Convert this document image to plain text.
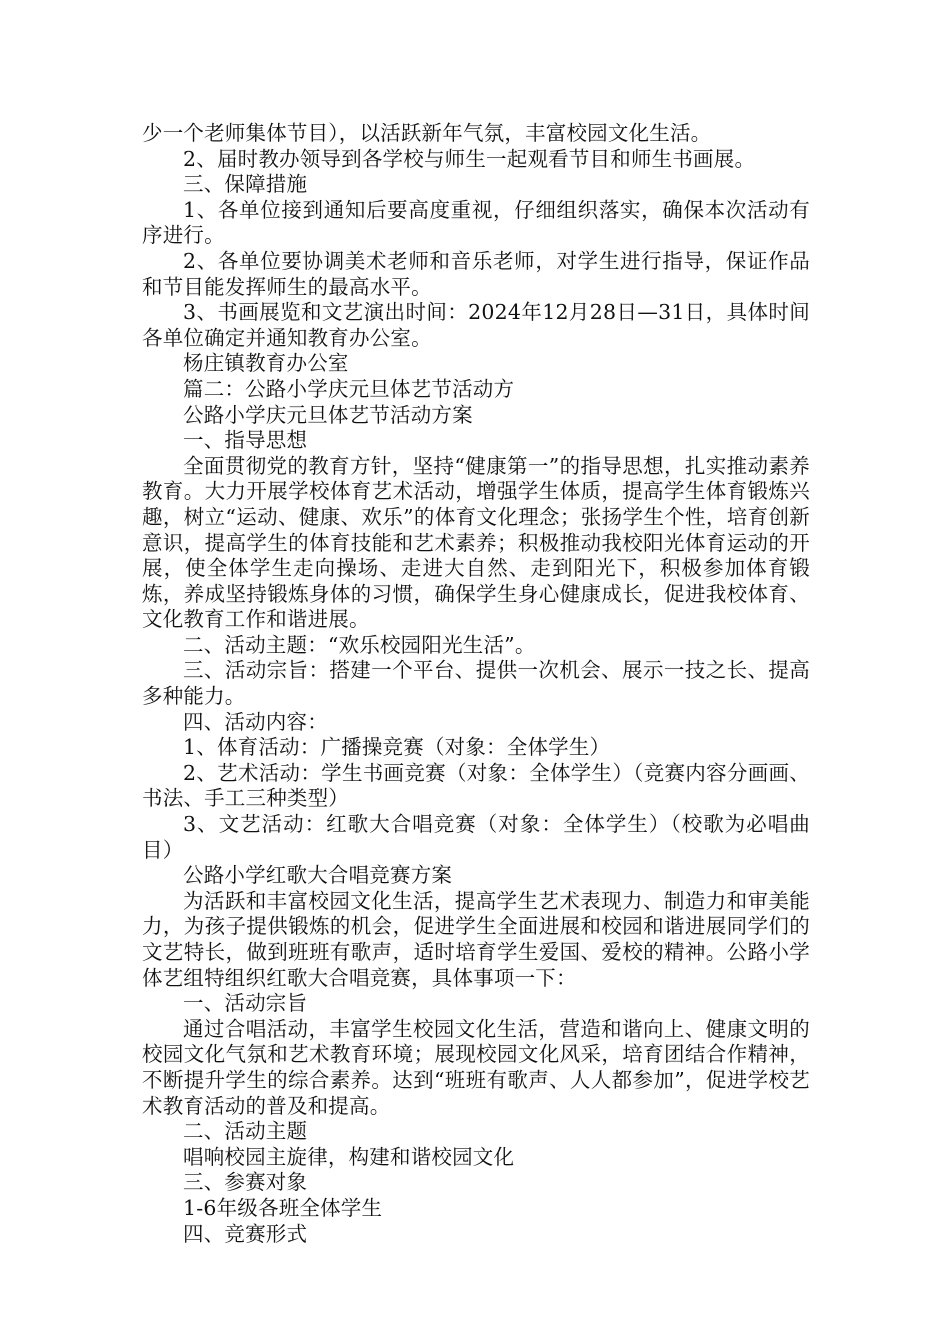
少一个老师集体节目），以活跃新年气氛，丰富校园文化生活。

2、届时教办领导到各学校与师生一起观看节目和师生书画展。

三、保障措施

1、各单位接到通知后要高度重视，仔细组织落实，确保本次活动有序进行。

2、各单位要协调美术老师和音乐老师，对学生进行指导，保证作品和节目能发挥师生的最高水平。

3、书画展览和文艺演出时间：2024年12月28日—31日，具体时间各单位确定并通知教育办公室。

杨庄镇教育办公室

篇二：公路小学庆元旦体艺节活动方

公路小学庆元旦体艺节活动方案

一、指导思想

全面贯彻党的教育方针，坚持“健康第一”的指导思想，扎实推动素养教育。大力开展学校体育艺术活动，增强学生体质，提高学生体育锻炼兴趣，树立“运动、健康、欢乐”的体育文化理念；张扬学生个性，培育创新意识，提高学生的体育技能和艺术素养；积极推动我校阳光体育运动的开展，使全体学生走向操场、走进大自然、走到阳光下，积极参加体育锻炼，养成坚持锻炼身体的习惯，确保学生身心健康成长，促进我校体育、文化教育工作和谐进展。

二、活动主题：“欢乐校园阳光生活”。

三、活动宗旨：搭建一个平台、提供一次机会、展示一技之长、提高多种能力。

四、活动内容：

1、体育活动：广播操竞赛（对象：全体学生）

2、艺术活动：学生书画竞赛（对象：全体学生）（竞赛内容分画画、书法、手工三种类型）

3、文艺活动：红歌大合唱竞赛（对象：全体学生）（校歌为必唱曲目）

公路小学红歌大合唱竞赛方案

为活跃和丰富校园文化生活，提高学生艺术表现力、制造力和审美能力，为孩子提供锻炼的机会，促进学生全面进展和校园和谐进展同学们的文艺特长，做到班班有歌声，适时培育学生爱国、爱校的精神。公路小学体艺组特组织红歌大合唱竞赛，具体事项一下：

一、活动宗旨

通过合唱活动，丰富学生校园文化生活，营造和谐向上、健康文明的校园文化气氛和艺术教育环境；展现校园文化风采，培育团结合作精神，不断提升学生的综合素养。达到“班班有歌声、人人都参加”，促进学校艺术教育活动的普及和提高。

二、活动主题

唱响校园主旋律，构建和谐校园文化

三、参赛对象

1-6年级各班全体学生

四、竞赛形式
